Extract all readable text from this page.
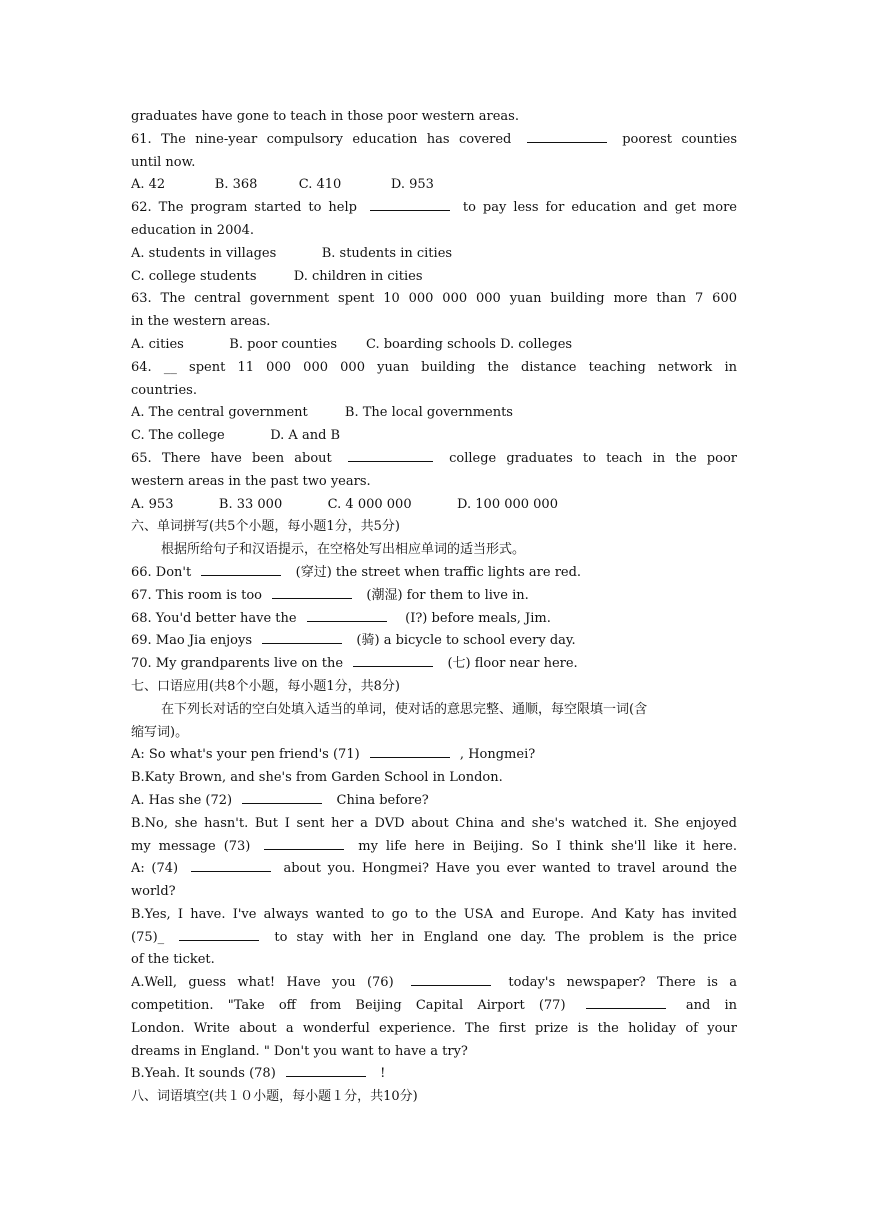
graduates have gone to teach in those poor western areas.
61. The nine-year compulsory education has covered	poorest counties
until now.
A. 42            B. 368          C. 410            D. 953
62. The program started to help	to pay less for education and get more
education in 2004.
A. students in villages           B. students in cities
C. college students         D. children in cities
63. The central government spent 10 000 000 000 yuan building more than 7 600
in the western areas.
A. cities           B. poor counties       C. boarding schools D. colleges
64. __ spent 11 000 000 000 yuan building the distance teaching network in
countries.
A. The central government         B. The local governments
C. The college           D. A and B
65. There have been about	college graduates to teach in the poor
western areas in the past two years.
A. 953           B. 33 000           C. 4 000 000           D. 100 000 000
六、单词拼写(共5个小题，每小题1分，共5分)
根据所给句子和汉语提示，在空格处写出相应单词的适当形式。
66. Don't	(穿过) the street when traffic lights are red.
67. This room is too	(潮湿) for them to live in.
68. You'd better have the	(I?) before meals, Jim.
69. Mao Jia enjoys	(骑) a bicycle to school every day.
70. My grandparents live on the	(七) floor near here.
七、口语应用(共8个小题，每小题1分，共8分)
在下列长对话的空白处填入适当的单词，使对话的意思完整、通顺，每空限填一词(含
缩写词)。
A: So what's your pen friend's (71)	, Hongmei?
B.Katy Brown, and she's from Garden School in London.
A. Has she (72)	China before?
B.No, she hasn't. But I sent her a DVD about China and she's watched it. She enjoyed
my message (73)	my life here in Beijing. So I think she'll like it here.
A: (74)	about you. Hongmei? Have you ever wanted to travel around the
world?
B.Yes, I have. I've always wanted to go to the USA and Europe. And Katy has invited
(75)_	to stay with her in England one day. The problem is the price
of the ticket.
A.Well, guess what! Have you (76)	today's newspaper? There is a
competition. "Take off from Beijing Capital Airport (77)	and in
London. Write about a wonderful experience. The first prize is the holiday of your
dreams in England. " Don't you want to have a try?
B.Yeah. It sounds (78)	!
八、词语填空(共１０小题，每小题１分，共10分)
